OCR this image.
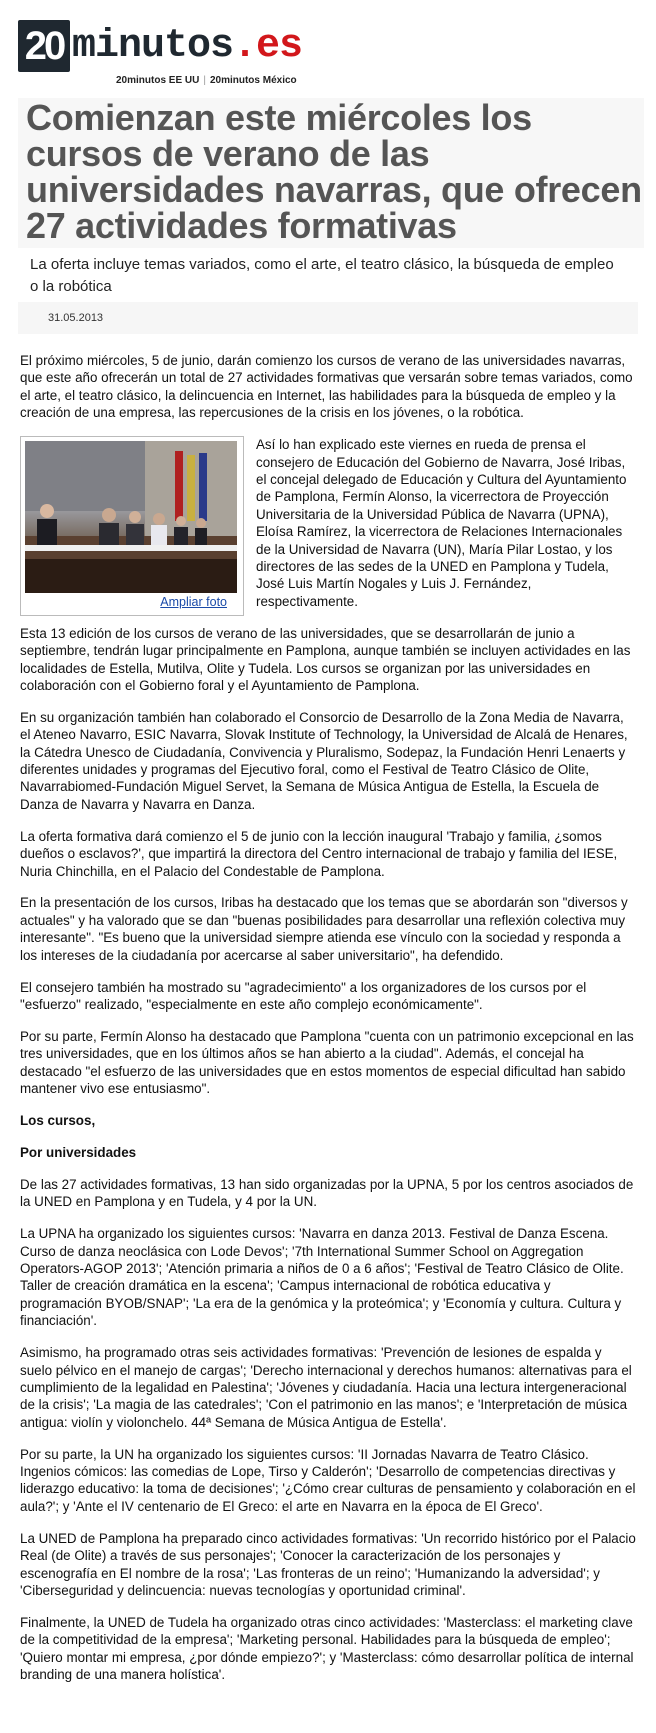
20 minutos .es
20minutos EE UU | 20minutos México
Comienzan este miércoles los cursos de verano de las universidades navarras, que ofrecen 27 actividades formativas

La oferta incluye temas variados, como el arte, el teatro clásico, la búsqueda de empleo o la robótica

31.05.2013

El próximo miércoles, 5 de junio, darán comienzo los cursos de verano de las universidades navarras, que este año ofrecerán un total de 27 actividades formativas que versarán sobre temas variados, como el arte, el teatro clásico, la delincuencia en Internet, las habilidades para la búsqueda de empleo y la creación de una empresa, las repercusiones de la crisis en los jóvenes, o la robótica.

Ampliar foto

Así lo han explicado este viernes en rueda de prensa el consejero de Educación del Gobierno de Navarra, José Iribas, el concejal delegado de Educación y Cultura del Ayuntamiento de Pamplona, Fermín Alonso, la vicerrectora de Proyección Universitaria de la Universidad Pública de Navarra (UPNA), Eloísa Ramírez, la vicerrectora de Relaciones Internacionales de la Universidad de Navarra (UN), María Pilar Lostao, y los directores de las sedes de la UNED en Pamplona y Tudela, José Luis Martín Nogales y Luis J. Fernández, respectivamente.

Esta 13 edición de los cursos de verano de las universidades, que se desarrollarán de junio a septiembre, tendrán lugar principalmente en Pamplona, aunque también se incluyen actividades en las localidades de Estella, Mutilva, Olite y Tudela. Los cursos se organizan por las universidades en colaboración con el Gobierno foral y el Ayuntamiento de Pamplona.

En su organización también han colaborado el Consorcio de Desarrollo de la Zona Media de Navarra, el Ateneo Navarro, ESIC Navarra, Slovak Institute of Technology, la Universidad de Alcalá de Henares, la Cátedra Unesco de Ciudadanía, Convivencia y Pluralismo, Sodepaz, la Fundación Henri Lenaerts y diferentes unidades y programas del Ejecutivo foral, como el Festival de Teatro Clásico de Olite, Navarrabiomed-Fundación Miguel Servet, la Semana de Música Antigua de Estella, la Escuela de Danza de Navarra y Navarra en Danza.

La oferta formativa dará comienzo el 5 de junio con la lección inaugural 'Trabajo y familia, ¿somos dueños o esclavos?', que impartirá la directora del Centro internacional de trabajo y familia del IESE, Nuria Chinchilla, en el Palacio del Condestable de Pamplona.

En la presentación de los cursos, Iribas ha destacado que los temas que se abordarán son "diversos y actuales" y ha valorado que se dan "buenas posibilidades para desarrollar una reflexión colectiva muy interesante". "Es bueno que la universidad siempre atienda ese vínculo con la sociedad y responda a los intereses de la ciudadanía por acercarse al saber universitario", ha defendido.

El consejero también ha mostrado su "agradecimiento" a los organizadores de los cursos por el "esfuerzo" realizado, "especialmente en este año complejo económicamente".

Por su parte, Fermín Alonso ha destacado que Pamplona "cuenta con un patrimonio excepcional en las tres universidades, que en los últimos años se han abierto a la ciudad". Además, el concejal ha destacado "el esfuerzo de las universidades que en estos momentos de especial dificultad han sabido mantener vivo ese entusiasmo".

Los cursos,

Por universidades

De las 27 actividades formativas, 13 han sido organizadas por la UPNA, 5 por los centros asociados de la UNED en Pamplona y en Tudela, y 4 por la UN.

La UPNA ha organizado los siguientes cursos: 'Navarra en danza 2013. Festival de Danza Escena. Curso de danza neoclásica con Lode Devos'; '7th International Summer School on Aggregation Operators-AGOP 2013'; 'Atención primaria a niños de 0 a 6 años'; 'Festival de Teatro Clásico de Olite. Taller de creación dramática en la escena'; 'Campus internacional de robótica educativa y programación BYOB/SNAP'; 'La era de la genómica y la proteómica'; y 'Economía y cultura. Cultura y financiación'.

Asimismo, ha programado otras seis actividades formativas: 'Prevención de lesiones de espalda y suelo pélvico en el manejo de cargas'; 'Derecho internacional y derechos humanos: alternativas para el cumplimiento de la legalidad en Palestina'; 'Jóvenes y ciudadanía. Hacia una lectura intergeneracional de la crisis'; 'La magia de las catedrales'; 'Con el patrimonio en las manos'; e 'Interpretación de música antigua: violín y violonchelo. 44ª Semana de Música Antigua de Estella'.

Por su parte, la UN ha organizado los siguientes cursos: 'II Jornadas Navarra de Teatro Clásico. Ingenios cómicos: las comedias de Lope, Tirso y Calderón'; 'Desarrollo de competencias directivas y liderazgo educativo: la toma de decisiones'; '¿Cómo crear culturas de pensamiento y colaboración en el aula?'; y 'Ante el IV centenario de El Greco: el arte en Navarra en la época de El Greco'.

La UNED de Pamplona ha preparado cinco actividades formativas: 'Un recorrido histórico por el Palacio Real (de Olite) a través de sus personajes'; 'Conocer la caracterización de los personajes y escenografía en El nombre de la rosa'; 'Las fronteras de un reino'; 'Humanizando la adversidad'; y 'Ciberseguridad y delincuencia: nuevas tecnologías y oportunidad criminal'.

Finalmente, la UNED de Tudela ha organizado otras cinco actividades: 'Masterclass: el marketing clave de la competitividad de la empresa'; 'Marketing personal. Habilidades para la búsqueda de empleo'; 'Quiero montar mi empresa, ¿por dónde empiezo?'; y 'Masterclass: cómo desarrollar política de internal branding de una manera holística'.
